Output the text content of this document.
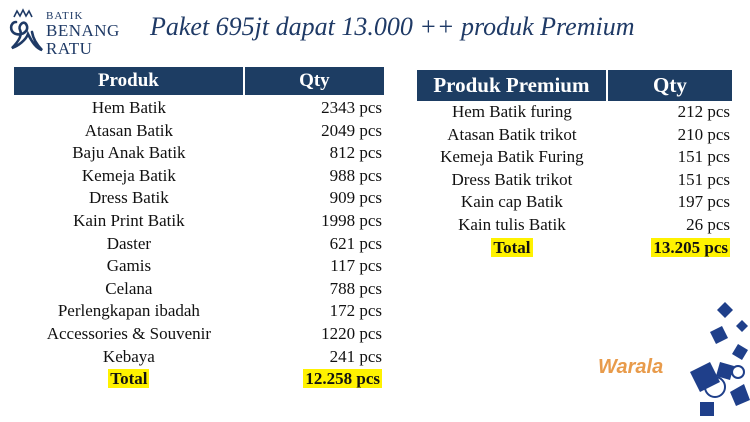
BATIK
BENANG
RATU
Paket 695jt dapat 13.000 ++ produk Premium
Produk	Qty
Hem Batik	2343 pcs
Atasan Batik	2049 pcs
Baju Anak Batik	812 pcs
Kemeja Batik	988 pcs
Dress Batik	909 pcs
Kain Print Batik	1998 pcs
Daster	621 pcs
Gamis	117 pcs
Celana	788 pcs
Perlengkapan ibadah	172 pcs
Accessories & Souvenir	1220 pcs
Kebaya	241 pcs
Total	12.258 pcs
Produk Premium	Qty
Hem Batik furing	212 pcs
Atasan Batik trikot	210 pcs
Kemeja Batik Furing	151 pcs
Dress Batik trikot	151 pcs
Kain cap Batik	197 pcs
Kain tulis Batik	26 pcs
Total	13.205 pcs
Warala
